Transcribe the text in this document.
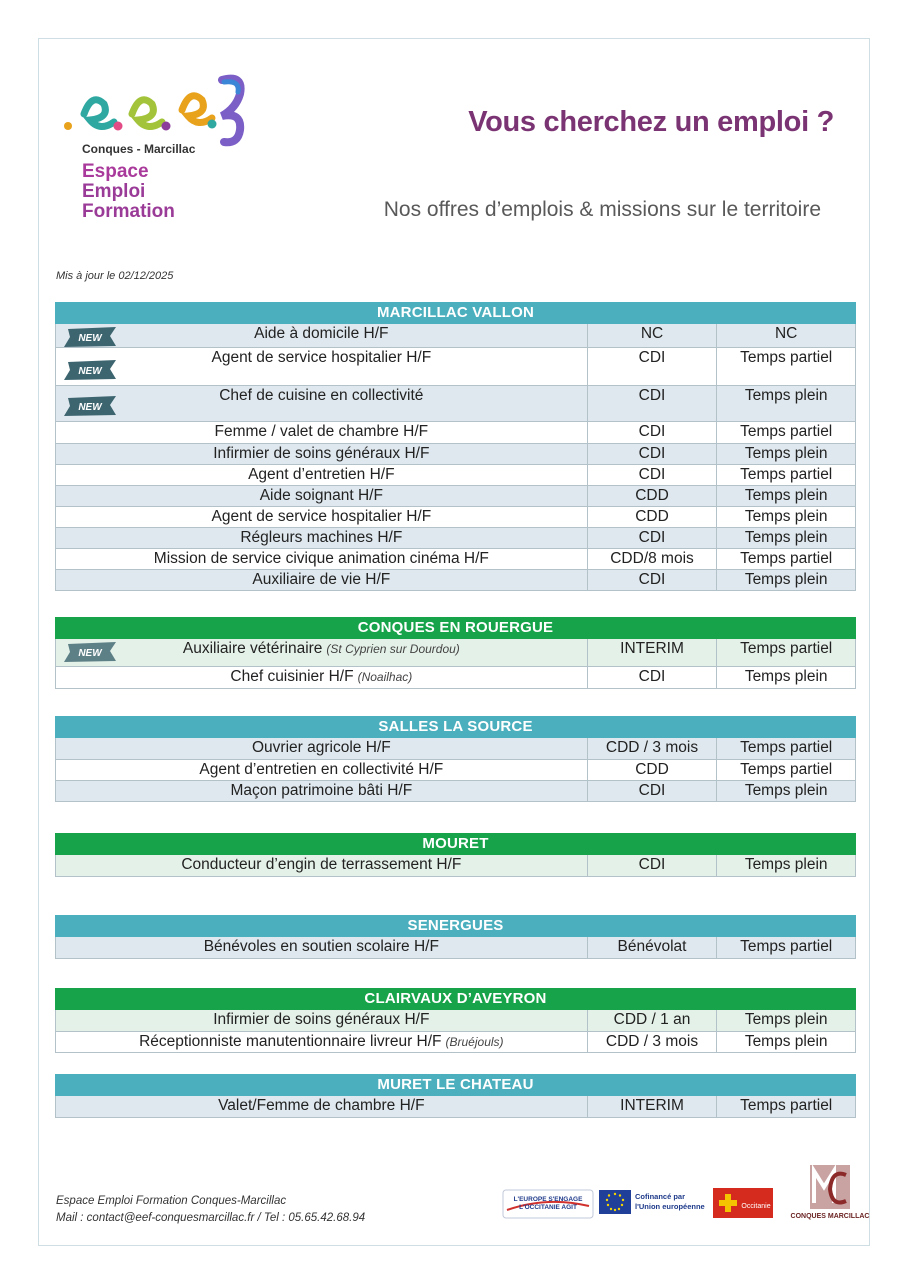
Conques - Marcillac
Espace
Emploi
Formation
Vous cherchez un emploi ?
Nos offres d’emplois & missions sur le territoire
Mis à jour le 02/12/2025
MARCILLAC VALLON
NEW	Aide à domicile H/F	NC	NC
NEW
Agent de service hospitalier H/F	CDI	Temps partiel
NEW
Chef de cuisine en collectivité	CDI	Temps plein
Femme / valet de chambre H/F	CDI	Temps partiel
Infirmier de soins généraux H/F	CDI	Temps plein
Agent d’entretien H/F	CDI	Temps partiel
Aide soignant H/F	CDD	Temps plein
Agent de service hospitalier H/F	CDD	Temps plein
Régleurs machines H/F	CDI	Temps plein
Mission de service civique animation cinéma H/F	CDD/8 mois	Temps partiel
Auxiliaire de vie H/F	CDI	Temps plein
CONQUES EN ROUERGUE
NEW	Auxiliaire vétérinaire (St Cyprien sur Dourdou)	INTERIM	Temps partiel
Chef cuisinier H/F (Noailhac)	CDI	Temps plein
SALLES LA SOURCE
Ouvrier agricole H/F	CDD / 3 mois	Temps partiel
Agent d’entretien en collectivité H/F	CDD	Temps partiel
Maçon patrimoine bâti H/F	CDI	Temps plein
MOURET
Conducteur d’engin de terrassement H/F	CDI	Temps plein
SENERGUES
Bénévoles en soutien scolaire H/F	Bénévolat	Temps partiel
CLAIRVAUX D’AVEYRON
Infirmier de soins généraux H/F	CDD / 1 an	Temps plein
Réceptionniste manutentionnaire livreur H/F (Bruéjouls)	CDD / 3 mois	Temps plein
MURET LE CHATEAU
Valet/Femme de chambre H/F	INTERIM	Temps partiel
Espace Emploi Formation Conques-Marcillac
Mail : contact@eef-conquesmarcillac.fr / Tel : 05.65.42.68.94
L'EUROPE S'ENGAGE
L'OCCITANIE AGIT
Cofinancé par
l'Union européenne	Occitanie
CONQUES MARCILLAC
